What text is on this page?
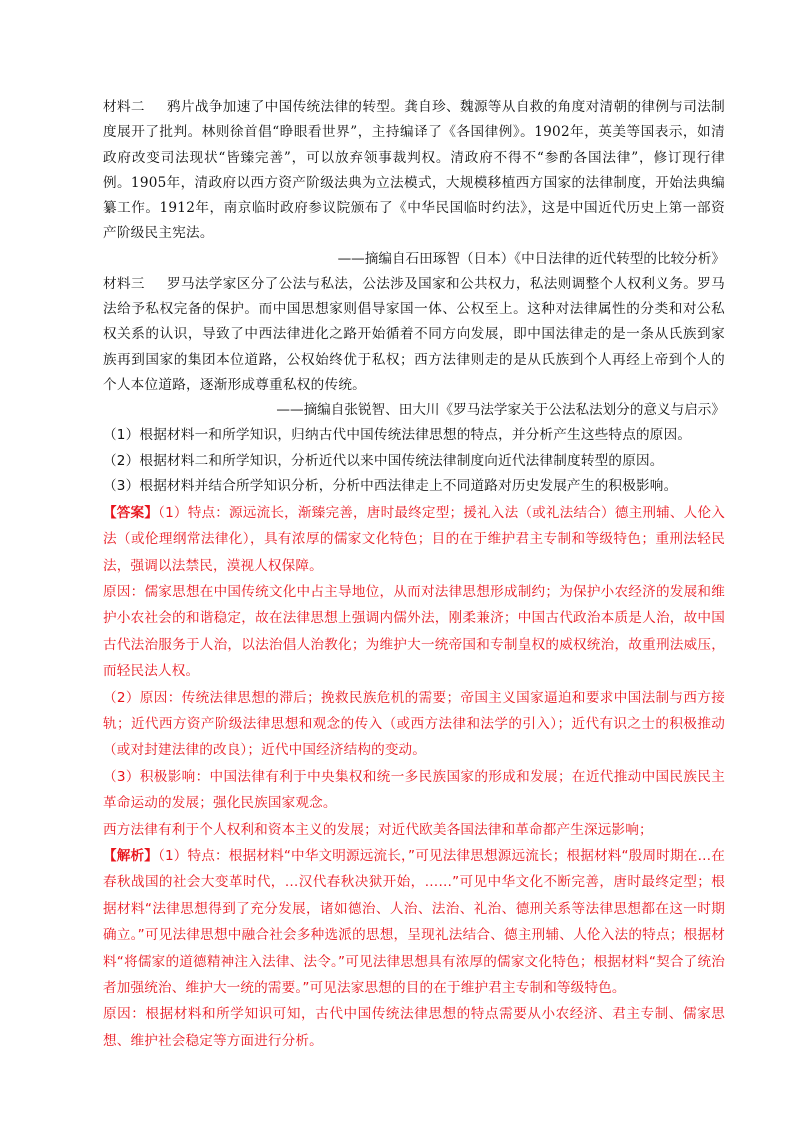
材料二 鸦片战争加速了中国传统法律的转型。龚自珍、魏源等从自救的角度对清朝的律例与司法制度展开了批判。林则徐首倡“睁眼看世界”，主持编译了《各国律例》。1902年，英美等国表示，如清政府改变司法现状“皆臻完善”，可以放弃领事裁判权。清政府不得不“参酌各国法律”，修订现行律例。1905年，清政府以西方资产阶级法典为立法模式，大规模移植西方国家的法律制度，开始法典编纂工作。1912年，南京临时政府参议院颁布了《中华民国临时约法》，这是中国近代历史上第一部资产阶级民主宪法。

——摘编自石田琢智（日本）《中日法律的近代转型的比较分析》

材料三 罗马法学家区分了公法与私法，公法涉及国家和公共权力，私法则调整个人权利义务。罗马法给予私权完备的保护。而中国思想家则倡导家国一体、公权至上。这种对法律属性的分类和对公私权关系的认识，导致了中西法律进化之路开始循着不同方向发展，即中国法律走的是一条从氏族到家族再到国家的集团本位道路，公权始终优于私权；西方法律则走的是从氏族到个人再经上帝到个人的个人本位道路，逐渐形成尊重私权的传统。

——摘编自张锐智、田大川《罗马法学家关于公法私法划分的意义与启示》

（1）根据材料一和所学知识，归纳古代中国传统法律思想的特点，并分析产生这些特点的原因。

（2）根据材料二和所学知识，分析近代以来中国传统法律制度向近代法律制度转型的原因。

（3）根据材料并结合所学知识分析，分析中西法律走上不同道路对历史发展产生的积极影响。

【答案】（1）特点：源远流长，渐臻完善，唐时最终定型；援礼入法（或礼法结合）德主刑辅、人伦入法（或伦理纲常法律化），具有浓厚的儒家文化特色；目的在于维护君主专制和等级特色；重刑法轻民法，强调以法禁民，漠视人权保障。

原因：儒家思想在中国传统文化中占主导地位，从而对法律思想形成制约；为保护小农经济的发展和维护小农社会的和谐稳定，故在法律思想上强调内儒外法，刚柔兼济；中国古代政治本质是人治，故中国古代法治服务于人治，以法治倡人治教化；为维护大一统帝国和专制皇权的威权统治，故重刑法威压，而轻民法人权。

（2）原因：传统法律思想的滞后；挽救民族危机的需要；帝国主义国家逼迫和要求中国法制与西方接轨；近代西方资产阶级法律思想和观念的传入（或西方法律和法学的引入）；近代有识之士的积极推动（或对封建法律的改良）；近代中国经济结构的变动。

（3）积极影响：中国法律有利于中央集权和统一多民族国家的形成和发展；在近代推动中国民族民主革命运动的发展；强化民族国家观念。

西方法律有利于个人权利和资本主义的发展；对近代欧美各国法律和革命都产生深远影响；

【解析】（1）特点：根据材料“中华文明源远流长，”可见法律思想源远流长；根据材料“殷周时期在…在春秋战国的社会大变革时代，…汉代春秋决狱开始，……”可见中华文化不断完善，唐时最终定型；根据材料“法律思想得到了充分发展，诸如德治、人治、法治、礼治、德刑关系等法律思想都在这一时期确立。”可见法律思想中融合社会多种选派的思想，呈现礼法结合、德主刑辅、人伦入法的特点；根据材料“将儒家的道德精神注入法律、法令。”可见法律思想具有浓厚的儒家文化特色；根据材料“契合了统治者加强统治、维护大一统的需要。”可见法家思想的目的在于维护君主专制和等级特色。

原因：根据材料和所学知识可知，古代中国传统法律思想的特点需要从小农经济、君主专制、儒家思想、维护社会稳定等方面进行分析。
